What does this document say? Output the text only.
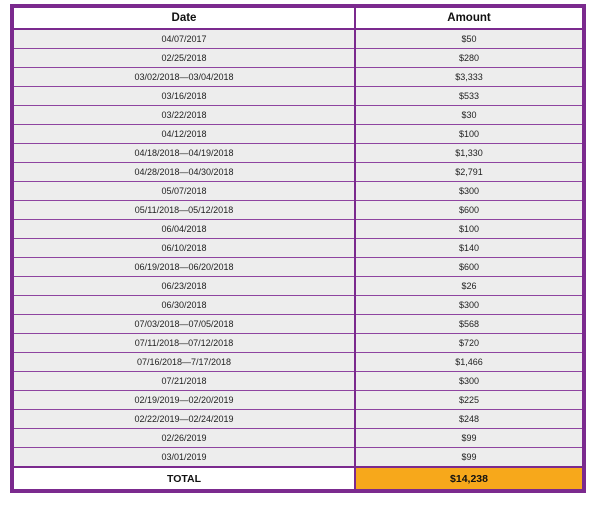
Date	Amount
04/07/2017	$50
02/25/2018	$280
03/02/2018—03/04/2018	$3,333
03/16/2018	$533
03/22/2018	$30
04/12/2018	$100
04/18/2018—04/19/2018	$1,330
04/28/2018—04/30/2018	$2,791
05/07/2018	$300
05/11/2018—05/12/2018	$600
06/04/2018	$100
06/10/2018	$140
06/19/2018—06/20/2018	$600
06/23/2018	$26
06/30/2018	$300
07/03/2018—07/05/2018	$568
07/11/2018—07/12/2018	$720
07/16/2018—7/17/2018	$1,466
07/21/2018	$300
02/19/2019—02/20/2019	$225
02/22/2019—02/24/2019	$248
02/26/2019	$99
03/01/2019	$99
TOTAL	$14,238
